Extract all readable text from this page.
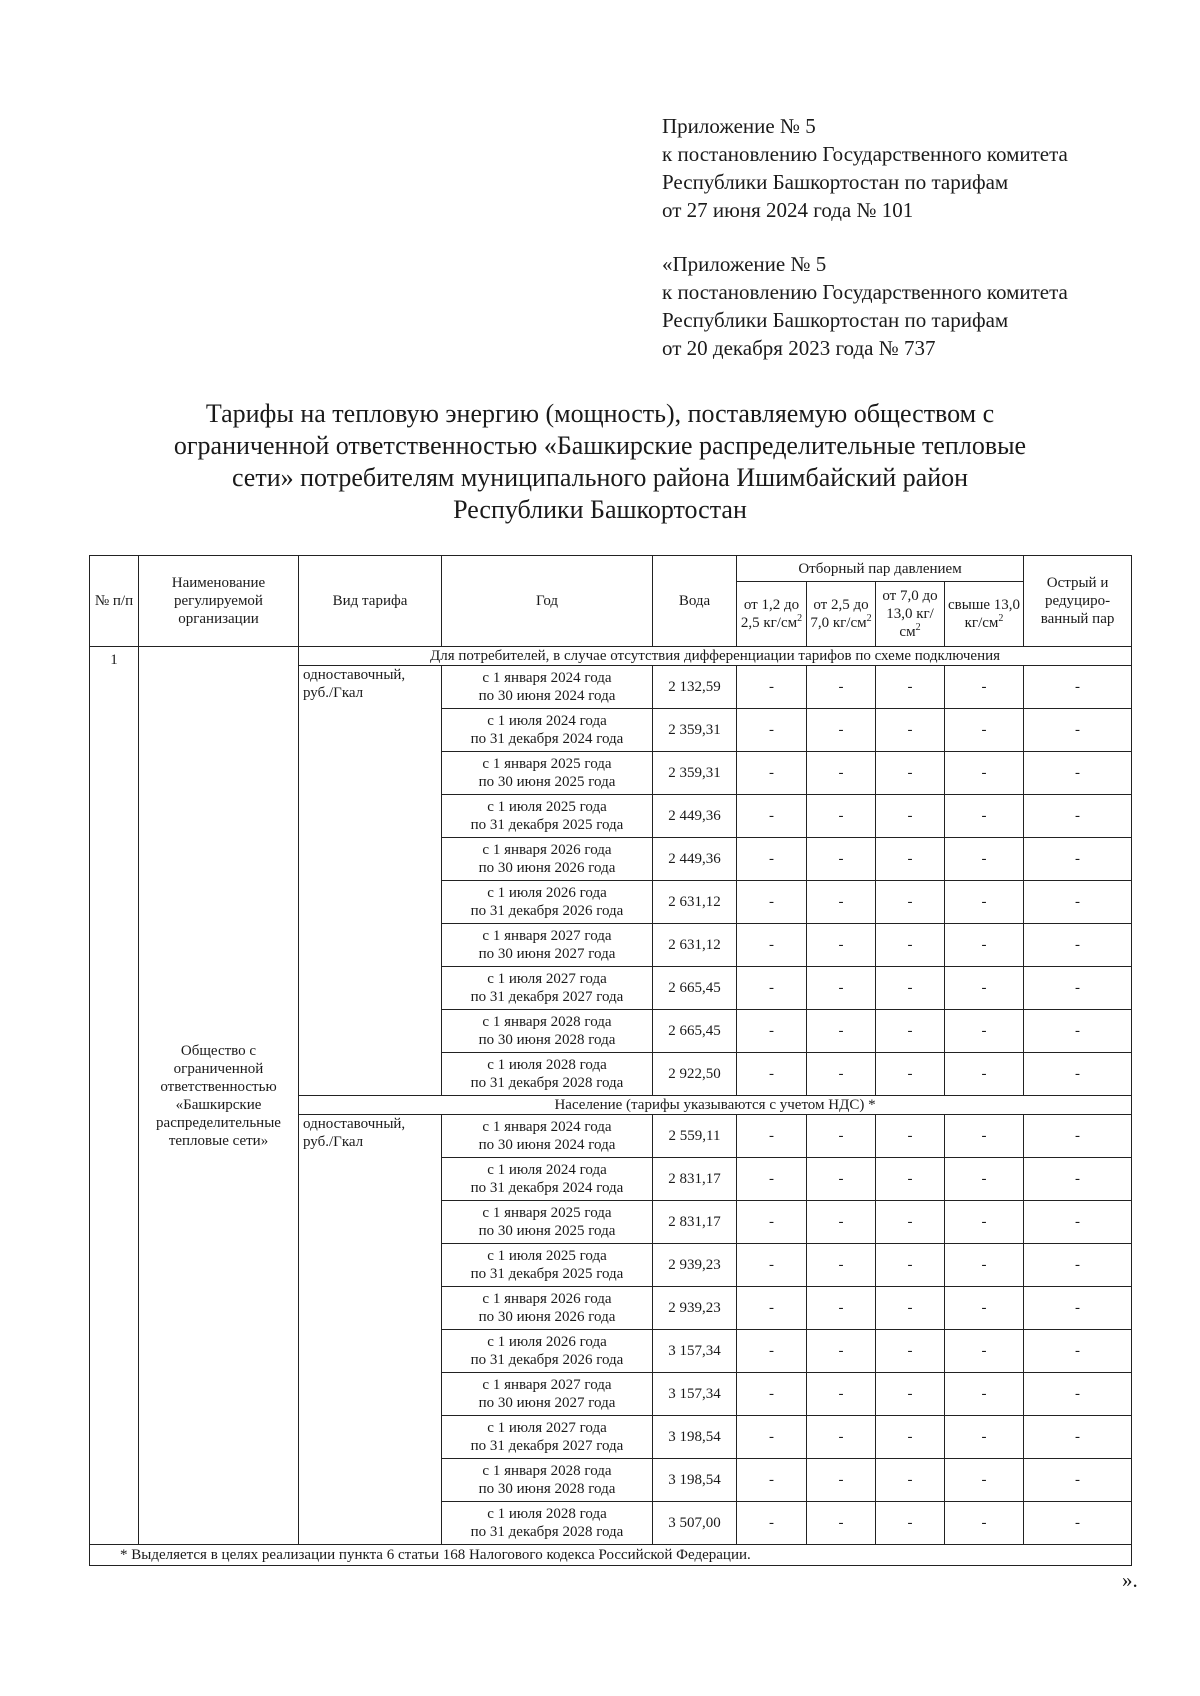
Приложение № 5
к постановлению Государственного комитета
Республики Башкортостан по тарифам
от 27 июня 2024 года № 101
«Приложение № 5
к постановлению Государственного комитета
Республики Башкортостан по тарифам
от 20 декабря 2023 года № 737
Тарифы на тепловую энергию (мощность), поставляемую обществом с
ограниченной ответственностью «Башкирские распределительные тепловые
сети» потребителям муниципального района Ишимбайский район
Республики Башкортостан
№ п/п	Наименование регулируемой организации	Вид тарифа	Год	Вода	Отборный пар давлением				Острый и редуциро-ванный пар
					от 1,2 до 2,5 $кг/см^2$	от 2,5 до 7,0 $кг/см^2$	от 7,0 до 13,0 $кг/см^2$	свыше 13,0 $кг/см^2$
1	Общество с ограниченной ответственностью «Башкирские распределительные тепловые сети»	Для потребителей, в случае отсутствия дифференциации тарифов по схеме подключения							
		одноставочный, руб./Гкал	с 1 января 2024 года
по 30 июня 2024 года	2 132,59	-	-	-	-	-

			с 1 июля 2024 года
по 31 декабря 2024 года	2 359,31	-	-	-	-	-

			с 1 января 2025 года
по 30 июня 2025 года	2 359,31	-	-	-	-	-

			с 1 июля 2025 года
по 31 декабря 2025 года	2 449,36	-	-	-	-	-

			с 1 января 2026 года
по 30 июня 2026 года	2 449,36	-	-	-	-	-

			с 1 июля 2026 года
по 31 декабря 2026 года	2 631,12	-	-	-	-	-

			с 1 января 2027 года
по 30 июня 2027 года	2 631,12	-	-	-	-	-

			с 1 июля 2027 года
по 31 декабря 2027 года	2 665,45	-	-	-	-	-

			с 1 января 2028 года
по 30 июня 2028 года	2 665,45	-	-	-	-	-

			с 1 июля 2028 года
по 31 декабря 2028 года	2 922,50	-	-	-	-	-
		Население (тарифы указываются с учетом НДС) *							
		одноставочный, руб./Гкал	с 1 января 2024 года
по 30 июня 2024 года	2 559,11	-	-	-	-	-

			с 1 июля 2024 года
по 31 декабря 2024 года	2 831,17	-	-	-	-	-

			с 1 января 2025 года
по 30 июня 2025 года	2 831,17	-	-	-	-	-

			с 1 июля 2025 года
по 31 декабря 2025 года	2 939,23	-	-	-	-	-

			с 1 января 2026 года
по 30 июня 2026 года	2 939,23	-	-	-	-	-

			с 1 июля 2026 года
по 31 декабря 2026 года	3 157,34	-	-	-	-	-

			с 1 января 2027 года
по 30 июня 2027 года	3 157,34	-	-	-	-	-

			с 1 июля 2027 года
по 31 декабря 2027 года	3 198,54	-	-	-	-	-

			с 1 января 2028 года
по 30 июня 2028 года	3 198,54	-	-	-	-	-

			с 1 июля 2028 года
по 31 декабря 2028 года	3 507,00	-	-	-	-	-
* Выделяется в целях реализации пункта 6 статьи 168 Налогового кодекса Российской Федерации.									
».
